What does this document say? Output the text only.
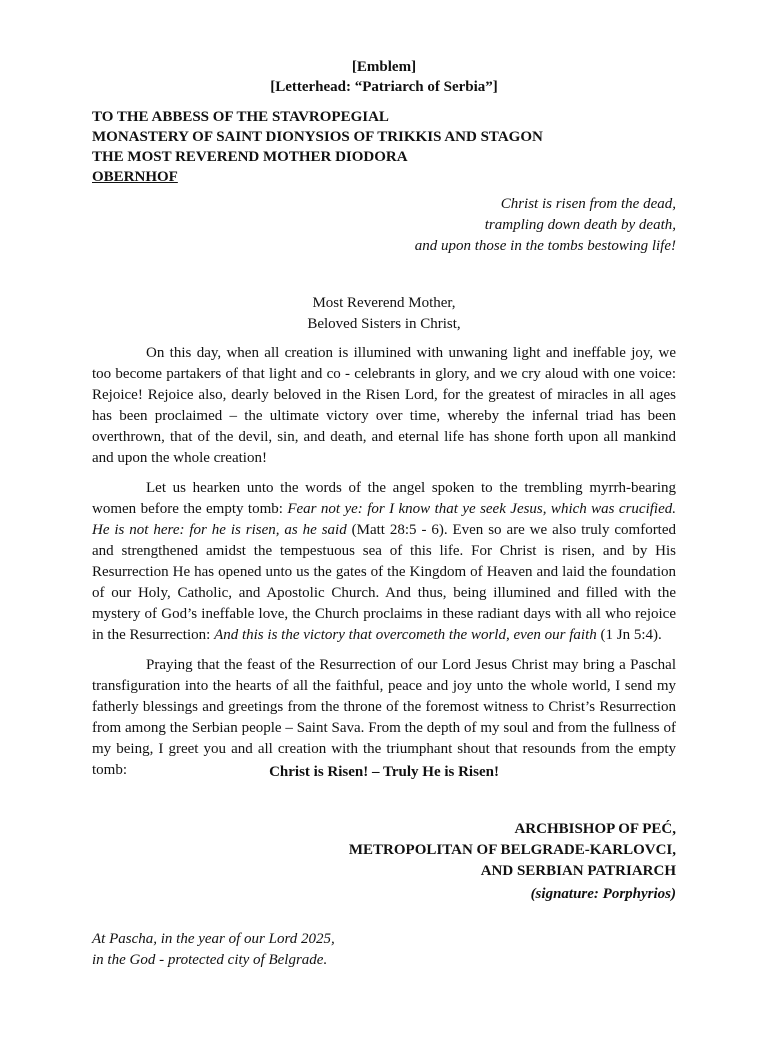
[Emblem]
[Letterhead: “Patriarch of Serbia”]
TO THE ABBESS OF THE STAVROPEGIAL
MONASTERY OF SAINT DIONYSIOS OF TRIKKIS AND STAGON
THE MOST REVEREND MOTHER DIODORA
OBERNHOF
Christ is risen from the dead,
trampling down death by death,
and upon those in the tombs bestowing life!
Most Reverend Mother,
Beloved Sisters in Christ,

On this day, when all creation is illumined with unwaning light and ineffable joy, we too become partakers of that light and co - celebrants in glory, and we cry aloud with one voice: Rejoice! Rejoice also, dearly beloved in the Risen Lord, for the greatest of miracles in all ages has been proclaimed – the ultimate victory over time, whereby the infernal triad has been overthrown, that of the devil, sin, and death, and eternal life has shone forth upon all mankind and upon the whole creation!

Let us hearken unto the words of the angel spoken to the trembling myrrh-bearing women before the empty tomb: Fear not ye: for I know that ye seek Jesus, which was crucified. He is not here: for he is risen, as he said (Matt 28:5 - 6). Even so are we also truly comforted and strengthened amidst the tempestuous sea of this life. For Christ is risen, and by His Resurrection He has opened unto us the gates of the Kingdom of Heaven and laid the foundation of our Holy, Catholic, and Apostolic Church. And thus, being illumined and filled with the mystery of God’s ineffable love, the Church proclaims in these radiant days with all who rejoice in the Resurrection: And this is the victory that overcometh the world, even our faith (1 Jn 5:4).

Praying that the feast of the Resurrection of our Lord Jesus Christ may bring a Paschal transfiguration into the hearts of all the faithful, peace and joy unto the whole world, I send my fatherly blessings and greetings from the throne of the foremost witness to Christ’s Resurrection from among the Serbian people – Saint Sava. From the depth of my soul and from the fullness of my being, I greet you and all creation with the triumphant shout that resounds from the empty tomb:	Christ is Risen! – Truly He is Risen!
ARCHBISHOP OF PEĆ,
METROPOLITAN OF BELGRADE-KARLOVCI,
AND SERBIAN PATRIARCH
(signature: Porphyrios)
At Pascha, in the year of our Lord 2025,
in the God - protected city of Belgrade.
